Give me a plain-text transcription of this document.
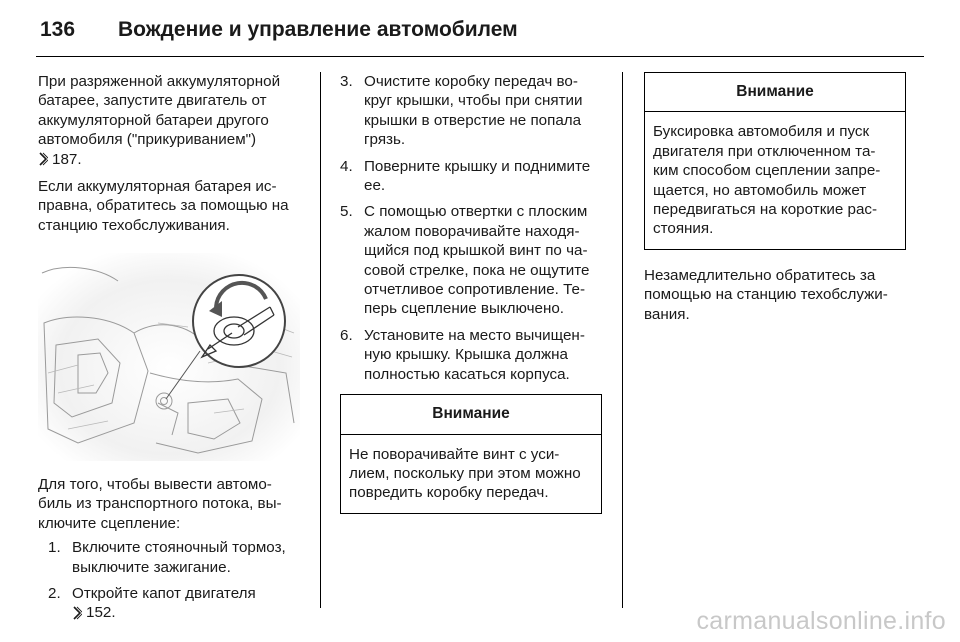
136 Вождение и управление автомобилем

При разряженной аккумуляторной
батарее, запустите двигатель от
аккумуляторной батареи другого
автомобиля ("прикуриванием")

187.

Если аккумуляторная батарея ис-
правна, обратитесь за помощью на
станцию техобслуживания.

Для того, чтобы вывести автомо-
биль из транспортного потока, вы-
ключите сцепление:

1. Включите стояночный тормоз,
выключите зажигание.
2. Откройте капот двигателя

152.
3. Очистите коробку передач во-
круг крышки, чтобы при снятии
крышки в отверстие не попала
грязь.
4. Поверните крышку и поднимите
ее.
5. С помощью отвертки с плоским
жалом поворачивайте находя-
щийся под крышкой винт по ча-
совой стрелке, пока не ощутите
отчетливое сопротивление. Те-
перь сцепление выключено.
6. Установите на место вычищен-
ную крышку. Крышка должна
полностью касаться корпуса.
Внимание
Не поворачивайте винт с уси-
лием, поскольку при этом можно
повредить коробку передач.
Внимание
Буксировка автомобиля и пуск
двигателя при отключенном та-
ким способом сцеплении запре-
щается, но автомобиль может
передвигаться на короткие рас-
стояния.

Незамедлительно обратитесь за
помощью на станцию техобслужи-
вания.

carmanualsonline.info
